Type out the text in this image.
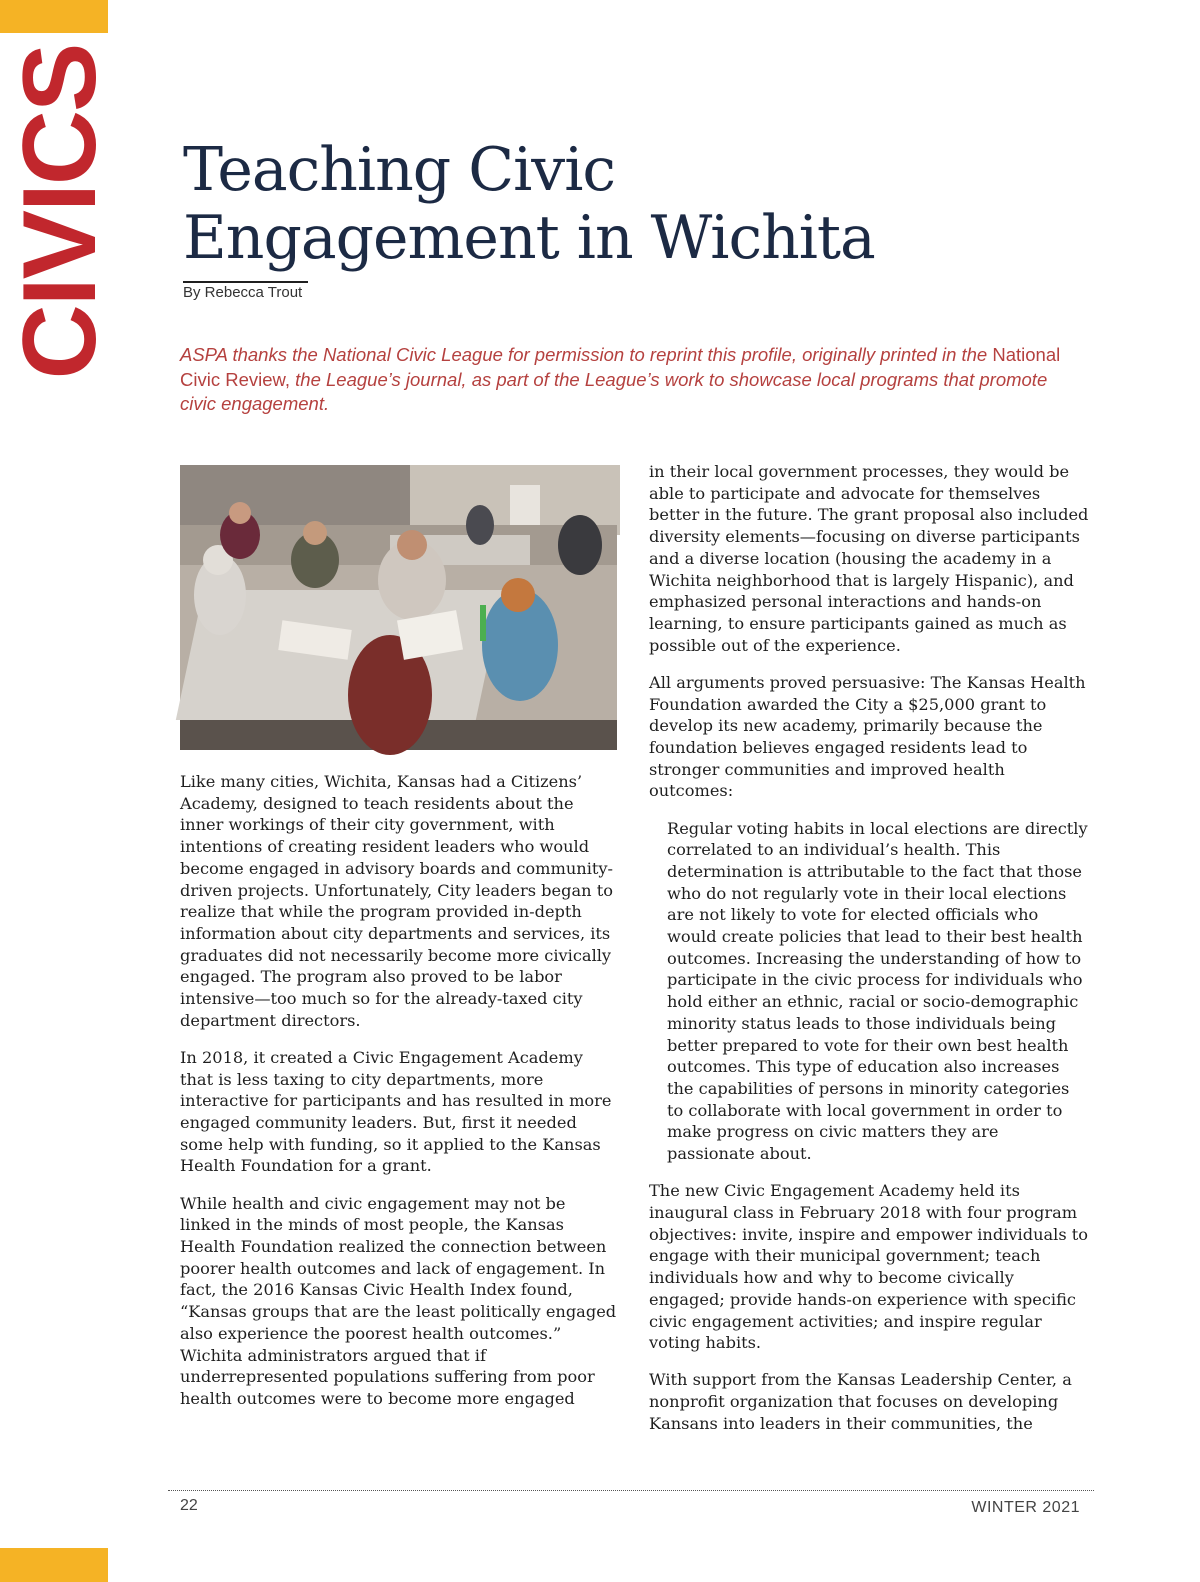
CIVICS Teaching Civic Engagement in Wichita
By Rebecca Trout

ASPA thanks the National Civic League for permission to reprint this profile, originally printed in the National Civic Review, the League’s journal, as part of the League’s work to showcase local programs that promote civic engagement.

Like many cities, Wichita, Kansas had a Citizens’ Academy, designed to teach residents about the inner workings of their city government, with intentions of creating resident leaders who would become engaged in advisory boards and community-driven projects. Unfortunately, City leaders began to realize that while the program provided in-depth information about city departments and services, its graduates did not necessarily become more civically engaged. The program also proved to be labor intensive—too much so for the already-taxed city department directors.

In 2018, it created a Civic Engagement Academy that is less taxing to city departments, more interactive for participants and has resulted in more engaged community leaders. But, first it needed some help with funding, so it applied to the Kansas Health Foundation for a grant.

While health and civic engagement may not be linked in the minds of most people, the Kansas Health Foundation realized the connection between poorer health outcomes and lack of engagement. In fact, the 2016 Kansas Civic Health Index found, “Kansas groups that are the least politically engaged also experience the poorest health outcomes.” Wichita administrators argued that if underrepresented populations suffering from poor health outcomes were to become more engaged

in their local government processes, they would be able to participate and advocate for themselves better in the future. The grant proposal also included diversity elements—focusing on diverse participants and a diverse location (housing the academy in a Wichita neighborhood that is largely Hispanic), and emphasized personal interactions and hands-on learning, to ensure participants gained as much as possible out of the experience.

All arguments proved persuasive: The Kansas Health Foundation awarded the City a $25,000 grant to develop its new academy, primarily because the foundation believes engaged residents lead to stronger communities and improved health outcomes:

Regular voting habits in local elections are directly correlated to an individual’s health. This determination is attributable to the fact that those who do not regularly vote in their local elections are not likely to vote for elected officials who would create policies that lead to their best health outcomes. Increasing the understanding of how to participate in the civic process for individuals who hold either an ethnic, racial or socio-demographic minority status leads to those individuals being better prepared to vote for their own best health outcomes. This type of education also increases the capabilities of persons in minority categories to collaborate with local government in order to make progress on civic matters they are passionate about.

The new Civic Engagement Academy held its inaugural class in February 2018 with four program objectives: invite, inspire and empower individuals to engage with their municipal government; teach individuals how and why to become civically engaged; provide hands-on experience with specific civic engagement activities; and inspire regular voting habits.

With support from the Kansas Leadership Center, a nonprofit organization that focuses on developing Kansans into leaders in their communities, the

22	WINTER 2021
